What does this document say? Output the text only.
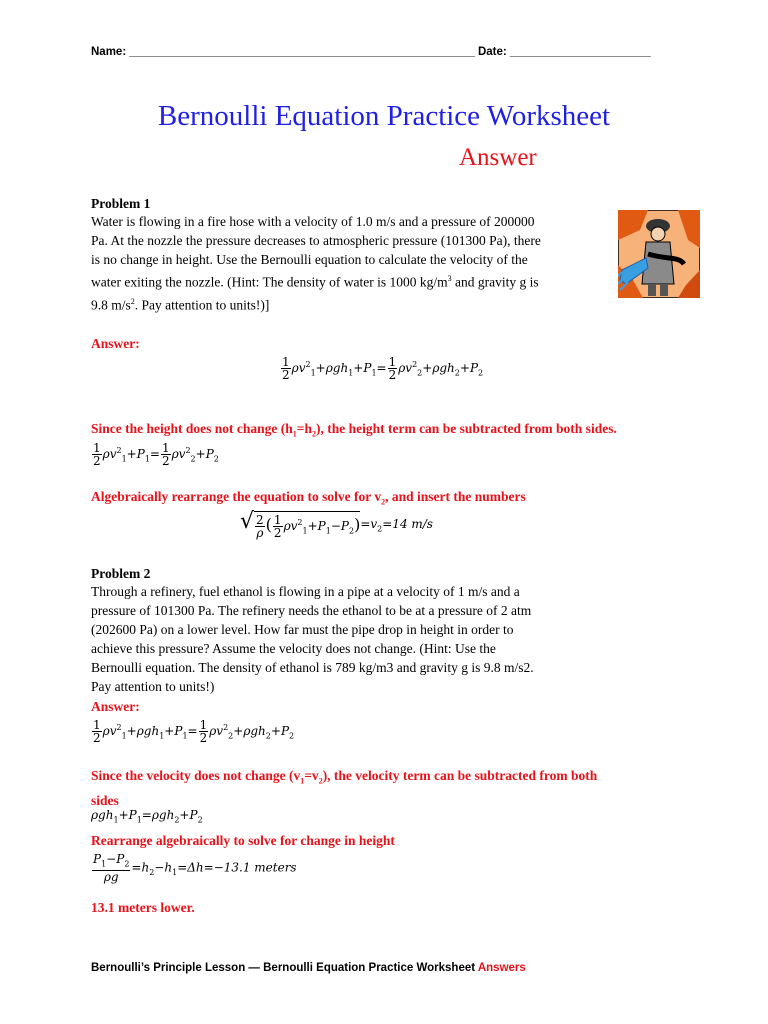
Name: ______________________________________________________ Date: ______________________
Bernoulli Equation Practice Worksheet
Answer
Problem 1
Water is flowing in a fire hose with a velocity of 1.0 m/s and a pressure of 200000
Pa. At the nozzle the pressure decreases to atmospheric pressure (101300 Pa), there
is no change in height. Use the Bernoulli equation to calculate the velocity of the
water exiting the nozzle. (Hint: The density of water is 1000 $kg/m^3$ and gravity g is
9.8 $m/s^2$. Pay attention to units!)]
Answer:
$\frac{1}{2} \rho v^2_1+\rho gh_1+P_1= \frac{1}{2} \rho v^2_2+\rho gh_2+P_2$
Since the height does not change $(h_1=h_2)$, the height term can be subtracted from both sides.
$\frac{1}{2} \rho v^2_1+P_1= \frac{1}{2} \rho v^2_2+P_2$
Algebraically rearrange the equation to solve for $v_2$, and insert the numbers
√ $\frac{2}{\rho}$ ( $\frac{1}{2} \rho v^2_1+P_1-P_2)=v_2=14$ m/s
Problem 2
Through a refinery, fuel ethanol is flowing in a pipe at a velocity of 1 m/s and a
pressure of 101300 Pa. The refinery needs the ethanol to be at a pressure of 2 atm
(202600 Pa) on a lower level. How far must the pipe drop in height in order to
achieve this pressure? Assume the velocity does not change. (Hint: Use the
Bernoulli equation. The density of ethanol is 789 kg/m3 and gravity g is 9.8 m/s2.
Pay attention to units!)
Answer:
$\frac{1}{2} \rho v^2_1+\rho gh_1+P_1= \frac{1}{2} \rho v^2_2+\rho gh_2+P_2$
Since the velocity does not change $(v_1=v_2)$, the velocity term can be subtracted from both
sides
$\rho gh_1+P_1=\rho gh_2+P_2$
Rearrange algebraically to solve for change in height
$\frac{P_1-P_2}{\rho g} =h_2-h_1=\Delta h=-13.1$ meters
13.1 meters lower.
Bernoulli’s Principle Lesson — Bernoulli Equation Practice Worksheet Answers
